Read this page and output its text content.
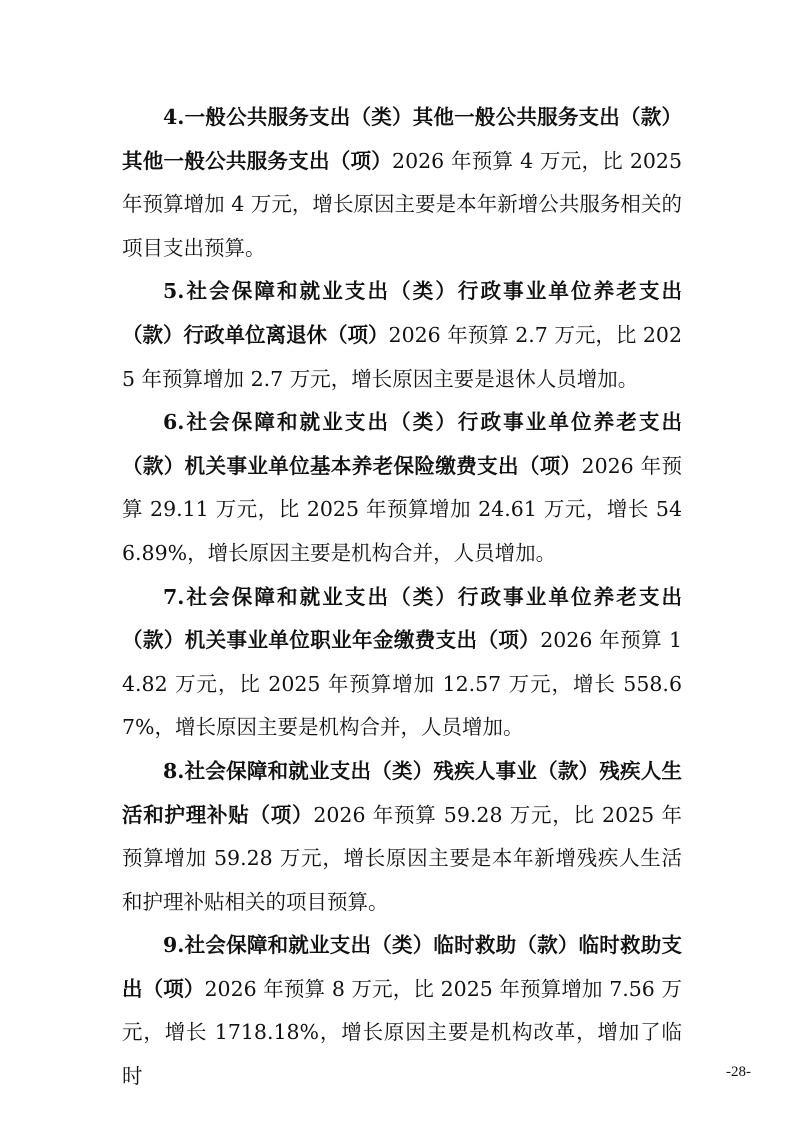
4.一般公共服务支出（类）其他一般公共服务支出（款）其他一般公共服务支出（项）2026 年预算 4 万元，比 2025 年预算增加 4 万元，增长原因主要是本年新增公共服务相关的项目支出预算。

5.社会保障和就业支出（类）行政事业单位养老支出（款）行政单位离退休（项）2026 年预算 2.7 万元，比 2025 年预算增加 2.7 万元，增长原因主要是退休人员增加。

6.社会保障和就业支出（类）行政事业单位养老支出（款）机关事业单位基本养老保险缴费支出（项）2026 年预算 29.11 万元，比 2025 年预算增加 24.61 万元，增长 546.89%，增长原因主要是机构合并，人员增加。

7.社会保障和就业支出（类）行政事业单位养老支出（款）机关事业单位职业年金缴费支出（项）2026 年预算 14.82 万元，比 2025 年预算增加 12.57 万元，增长 558.67%，增长原因主要是机构合并，人员增加。

8.社会保障和就业支出（类）残疾人事业（款）残疾人生活和护理补贴（项）2026 年预算 59.28 万元，比 2025 年预算增加 59.28 万元，增长原因主要是本年新增残疾人生活和护理补贴相关的项目预算。

9.社会保障和就业支出（类）临时救助（款）临时救助支出（项）2026 年预算 8 万元，比 2025 年预算增加 7.56 万元，增长 1718.18%，增长原因主要是机构改革，增加了临时	-28-
